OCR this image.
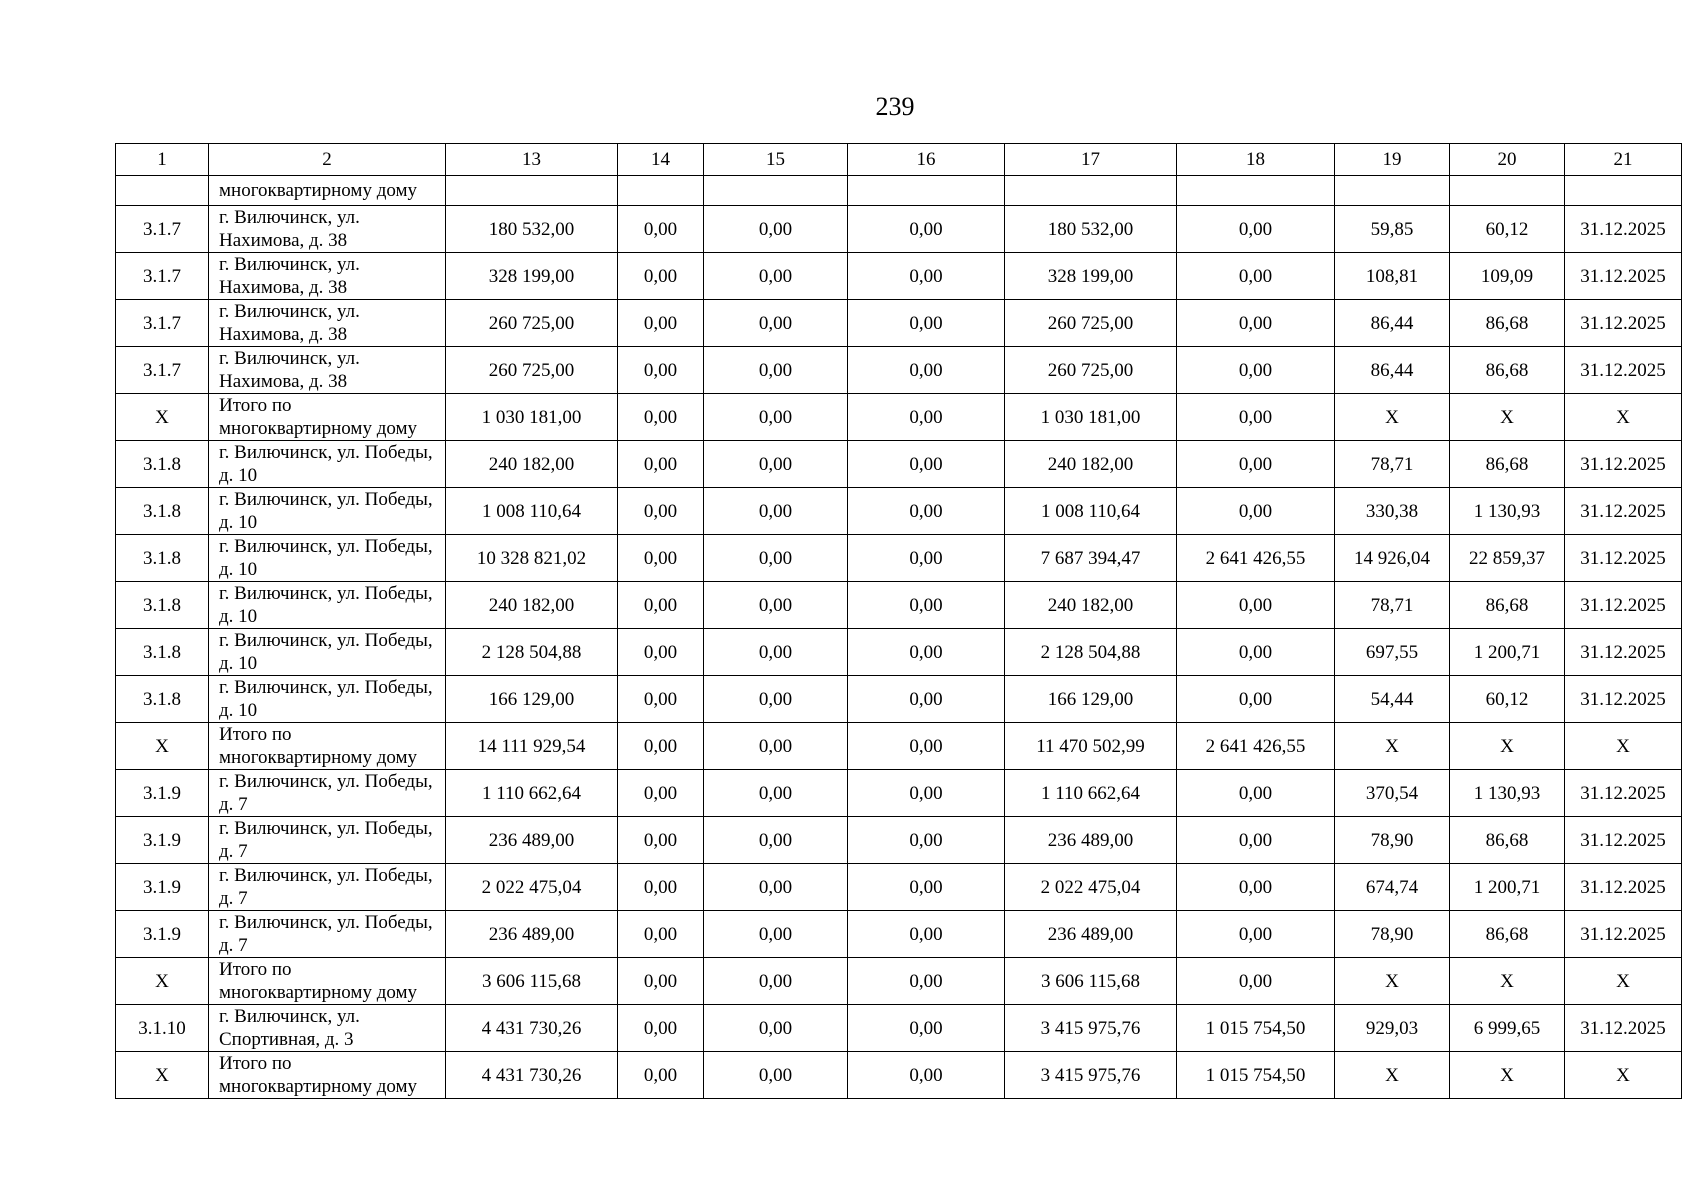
239
1	2	13	14	15	16	17	18	19	20	21
	многоквартирному дому									
3.1.7	г. Вилючинск, ул. Нахимова, д. 38	180 532,00	0,00	0,00	0,00	180 532,00	0,00	59,85	60,12	31.12.2025
3.1.7	г. Вилючинск, ул. Нахимова, д. 38	328 199,00	0,00	0,00	0,00	328 199,00	0,00	108,81	109,09	31.12.2025
3.1.7	г. Вилючинск, ул. Нахимова, д. 38	260 725,00	0,00	0,00	0,00	260 725,00	0,00	86,44	86,68	31.12.2025
3.1.7	г. Вилючинск, ул. Нахимова, д. 38	260 725,00	0,00	0,00	0,00	260 725,00	0,00	86,44	86,68	31.12.2025
Х	Итого по многоквартирному дому	1 030 181,00	0,00	0,00	0,00	1 030 181,00	0,00	Х	Х	Х
3.1.8	г. Вилючинск, ул. Победы, д. 10	240 182,00	0,00	0,00	0,00	240 182,00	0,00	78,71	86,68	31.12.2025
3.1.8	г. Вилючинск, ул. Победы, д. 10	1 008 110,64	0,00	0,00	0,00	1 008 110,64	0,00	330,38	1 130,93	31.12.2025
3.1.8	г. Вилючинск, ул. Победы, д. 10	10 328 821,02	0,00	0,00	0,00	7 687 394,47	2 641 426,55	14 926,04	22 859,37	31.12.2025
3.1.8	г. Вилючинск, ул. Победы, д. 10	240 182,00	0,00	0,00	0,00	240 182,00	0,00	78,71	86,68	31.12.2025
3.1.8	г. Вилючинск, ул. Победы, д. 10	2 128 504,88	0,00	0,00	0,00	2 128 504,88	0,00	697,55	1 200,71	31.12.2025
3.1.8	г. Вилючинск, ул. Победы, д. 10	166 129,00	0,00	0,00	0,00	166 129,00	0,00	54,44	60,12	31.12.2025
Х	Итого по многоквартирному дому	14 111 929,54	0,00	0,00	0,00	11 470 502,99	2 641 426,55	Х	Х	Х
3.1.9	г. Вилючинск, ул. Победы, д. 7	1 110 662,64	0,00	0,00	0,00	1 110 662,64	0,00	370,54	1 130,93	31.12.2025
3.1.9	г. Вилючинск, ул. Победы, д. 7	236 489,00	0,00	0,00	0,00	236 489,00	0,00	78,90	86,68	31.12.2025
3.1.9	г. Вилючинск, ул. Победы, д. 7	2 022 475,04	0,00	0,00	0,00	2 022 475,04	0,00	674,74	1 200,71	31.12.2025
3.1.9	г. Вилючинск, ул. Победы, д. 7	236 489,00	0,00	0,00	0,00	236 489,00	0,00	78,90	86,68	31.12.2025
Х	Итого по многоквартирному дому	3 606 115,68	0,00	0,00	0,00	3 606 115,68	0,00	Х	Х	Х
3.1.10	г. Вилючинск, ул. Спортивная, д. 3	4 431 730,26	0,00	0,00	0,00	3 415 975,76	1 015 754,50	929,03	6 999,65	31.12.2025
Х	Итого по многоквартирному дому	4 431 730,26	0,00	0,00	0,00	3 415 975,76	1 015 754,50	Х	Х	Х
